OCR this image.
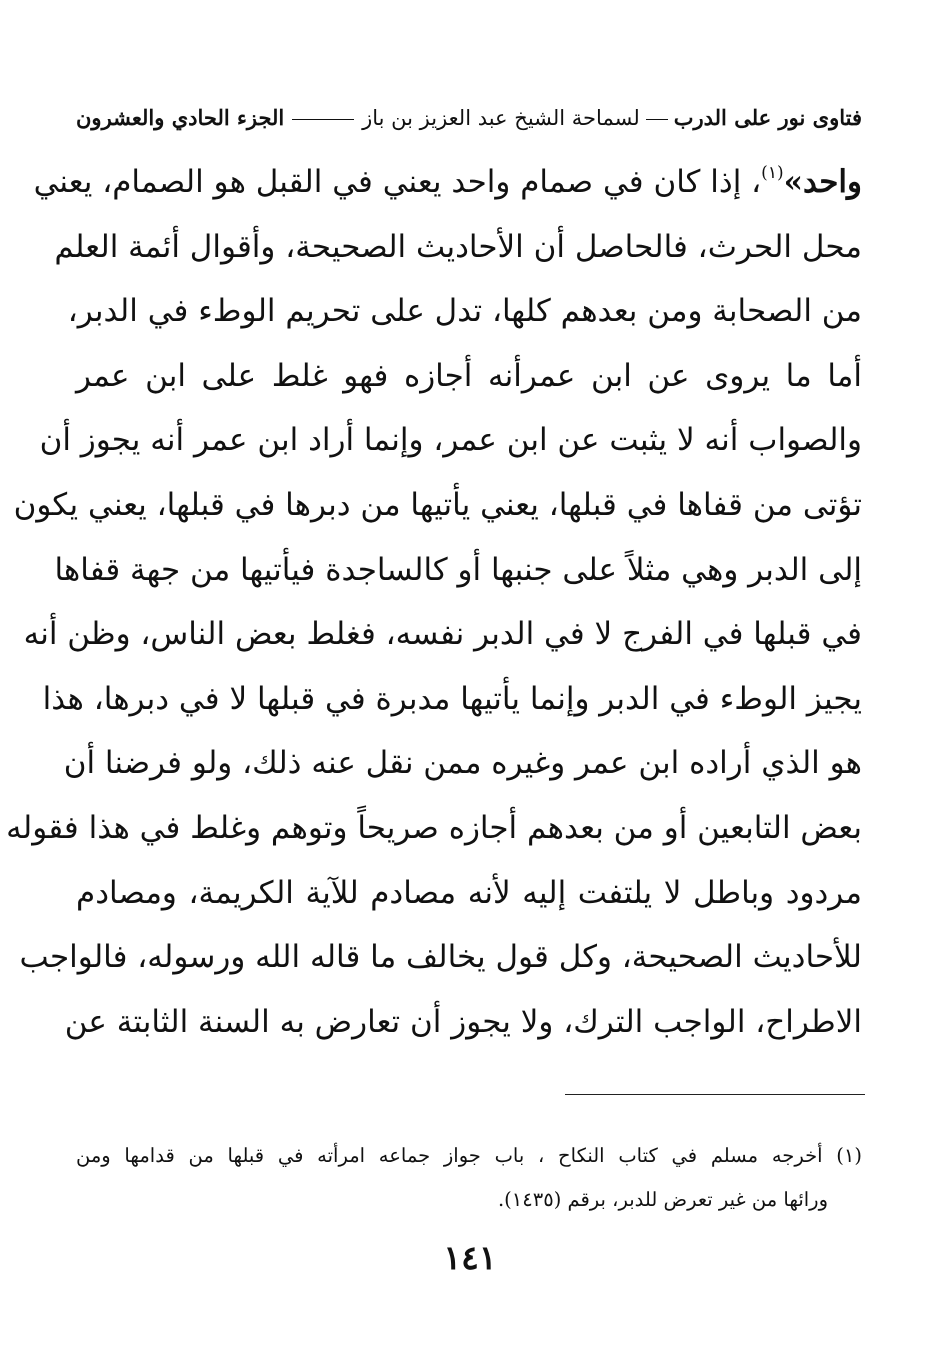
فتاوى نور على الدربلسماحة الشيخ عبد العزيز بن باز
الجزء الحادي والعشرون
واحد»$^{(١)}$، إذا كان في صمام واحد يعني في القبل هو الصمام، يعني
محل الحرث، فالحاصل أن الأحاديث الصحيحة، وأقوال أئمة العلم
من الصحابة ومن بعدهم كلها، تدل على تحريم الوطء في الدبر،
أما ما يروى عن ابن عمرأنه أجازه فهو غلط على ابن عمر
والصواب أنه لا يثبت عن ابن عمر، وإنما أراد ابن عمر أنه يجوز أن
تؤتى من قفاها في قبلها، يعني يأتيها من دبرها في قبلها، يعني يكون
إلى الدبر وهي مثلاً على جنبها أو كالساجدة فيأتيها من جهة قفاها
في قبلها في الفرج لا في الدبر نفسه، فغلط بعض الناس، وظن أنه
يجيز الوطء في الدبر وإنما يأتيها مدبرة في قبلها لا في دبرها، هذا
هو الذي أراده ابن عمر وغيره ممن نقل عنه ذلك، ولو فرضنا أن
بعض التابعين أو من بعدهم أجازه صريحاً وتوهم وغلط في هذا فقوله
مردود وباطل لا يلتفت إليه لأنه مصادم للآية الكريمة، ومصادم
للأحاديث الصحيحة، وكل قول يخالف ما قاله الله ورسوله، فالواجب
الاطراح، الواجب الترك، ولا يجوز أن تعارض به السنة الثابتة عن
(١) أخرجه مسلم في كتاب النكاح ، باب جواز جماعه امرأته في قبلها من قدامها ومن
ورائها من غير تعرض للدبر، برقم (١٤٣٥).
١٤١
